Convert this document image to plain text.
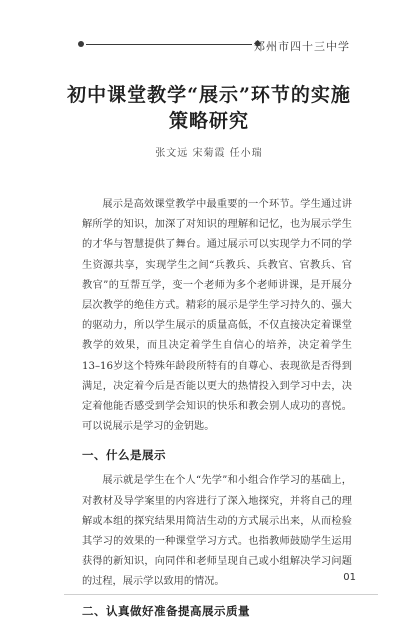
郑州市四十三中学
初中课堂教学“展示”环节的实施
策略研究
张文远 宋菊霞 任小瑞

展示是高效课堂教学中最重要的一个环节。学生通过讲解所学的知识，加深了对知识的理解和记忆，也为展示学生的才华与智慧提供了舞台。通过展示可以实现学力不同的学生资源共享，实现学生之间“兵教兵、兵教官、官教兵、官教官”的互帮互学，变一个老师为多个老师讲课，是开展分层次教学的绝佳方式。精彩的展示是学生学习持久的、强大的驱动力，所以学生展示的质量高低，不仅直接决定着课堂教学的效果，而且决定着学生自信心的培养，决定着学生13–16岁这个特殊年龄段所特有的自尊心、表现欲是否得到满足，决定着今后是否能以更大的热情投入到学习中去，决定着他能否感受到学会知识的快乐和教会别人成功的喜悦。可以说展示是学习的金钥匙。

一、什么是展示

展示就是学生在个人“先学”和小组合作学习的基础上，对教材及导学案里的内容进行了深入地探究，并将自己的理解或本组的探究结果用简洁生动的方式展示出来，从而检验其学习的效果的一种课堂学习方式。也指教师鼓励学生运用获得的新知识，向同伴和老师呈现自己或小组解决学习问题的过程，展示学以致用的情况。

二、认真做好准备提高展示质量
01
